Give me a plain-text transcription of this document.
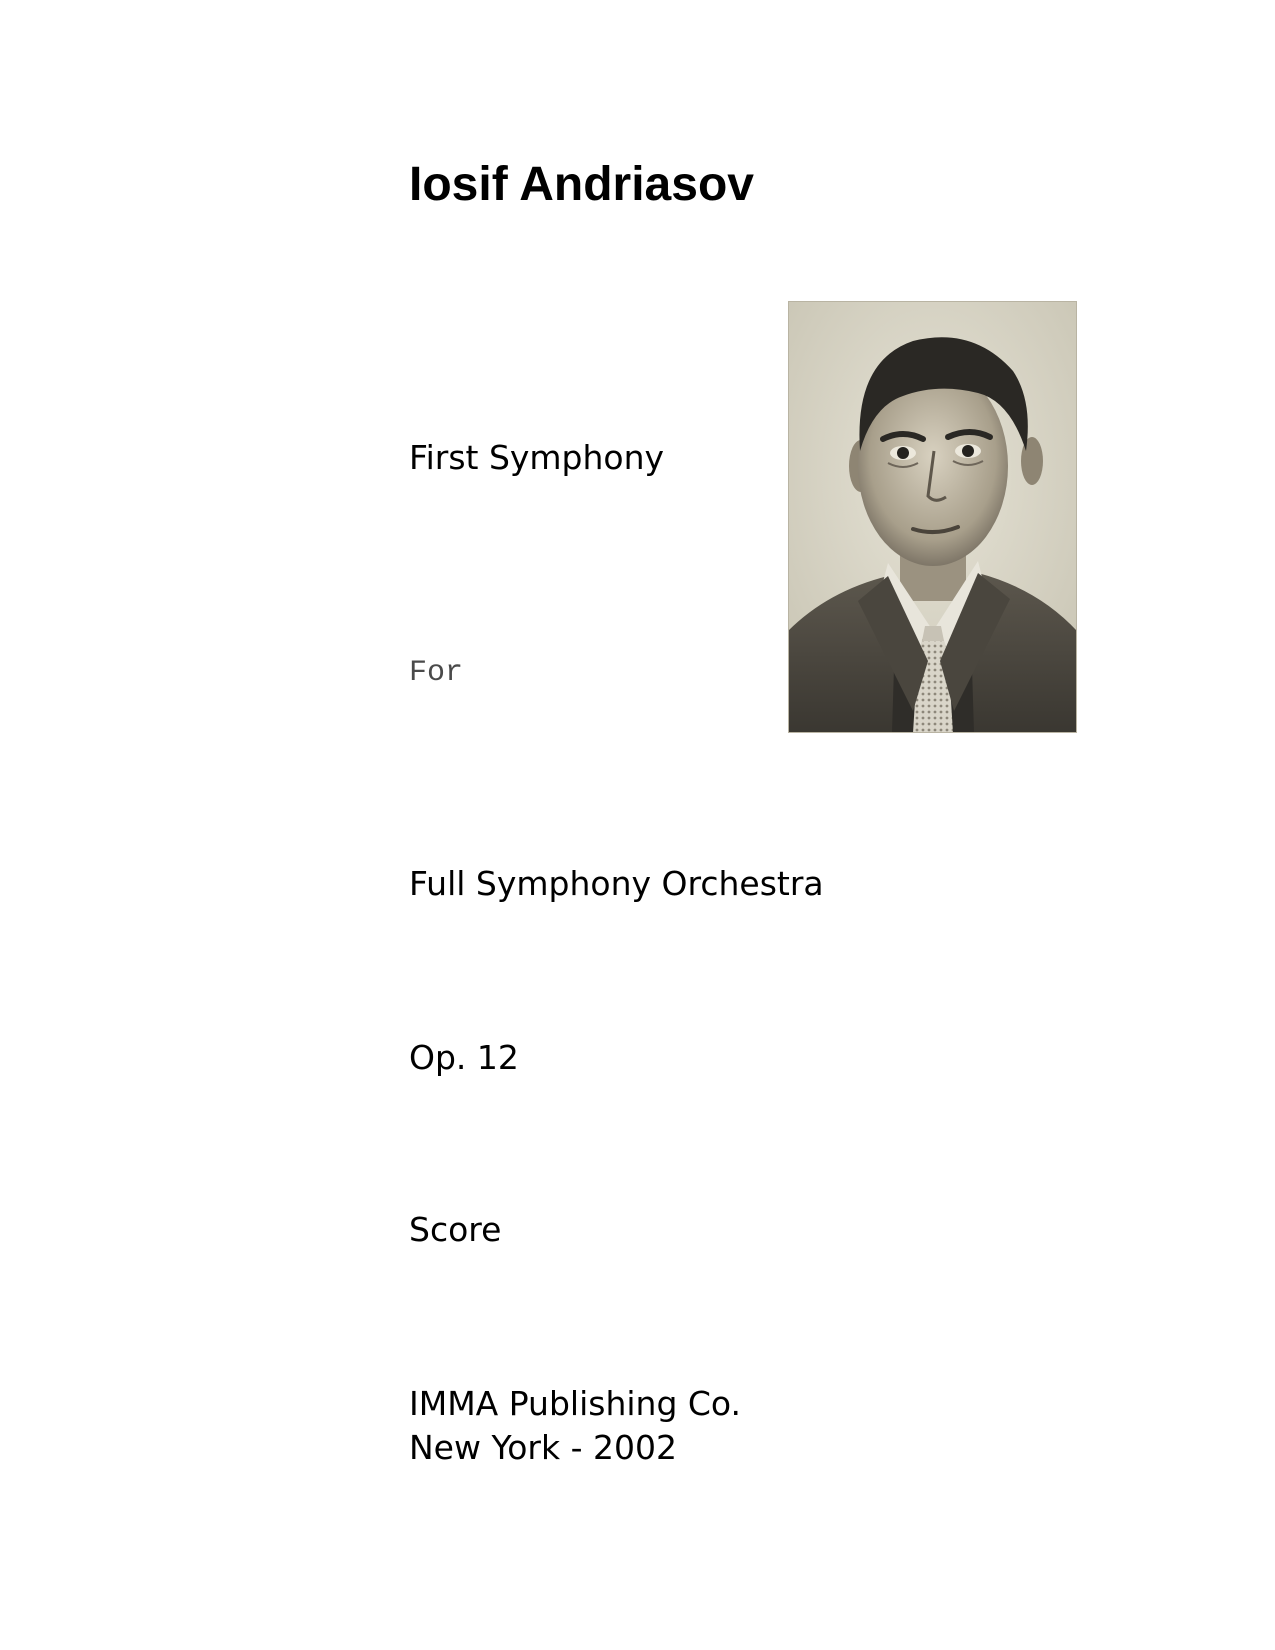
Iosif Andriasov
First Symphony
For
Full Symphony Orchestra
Op. 12
Score
IMMA Publishing Co.
New York - 2002
